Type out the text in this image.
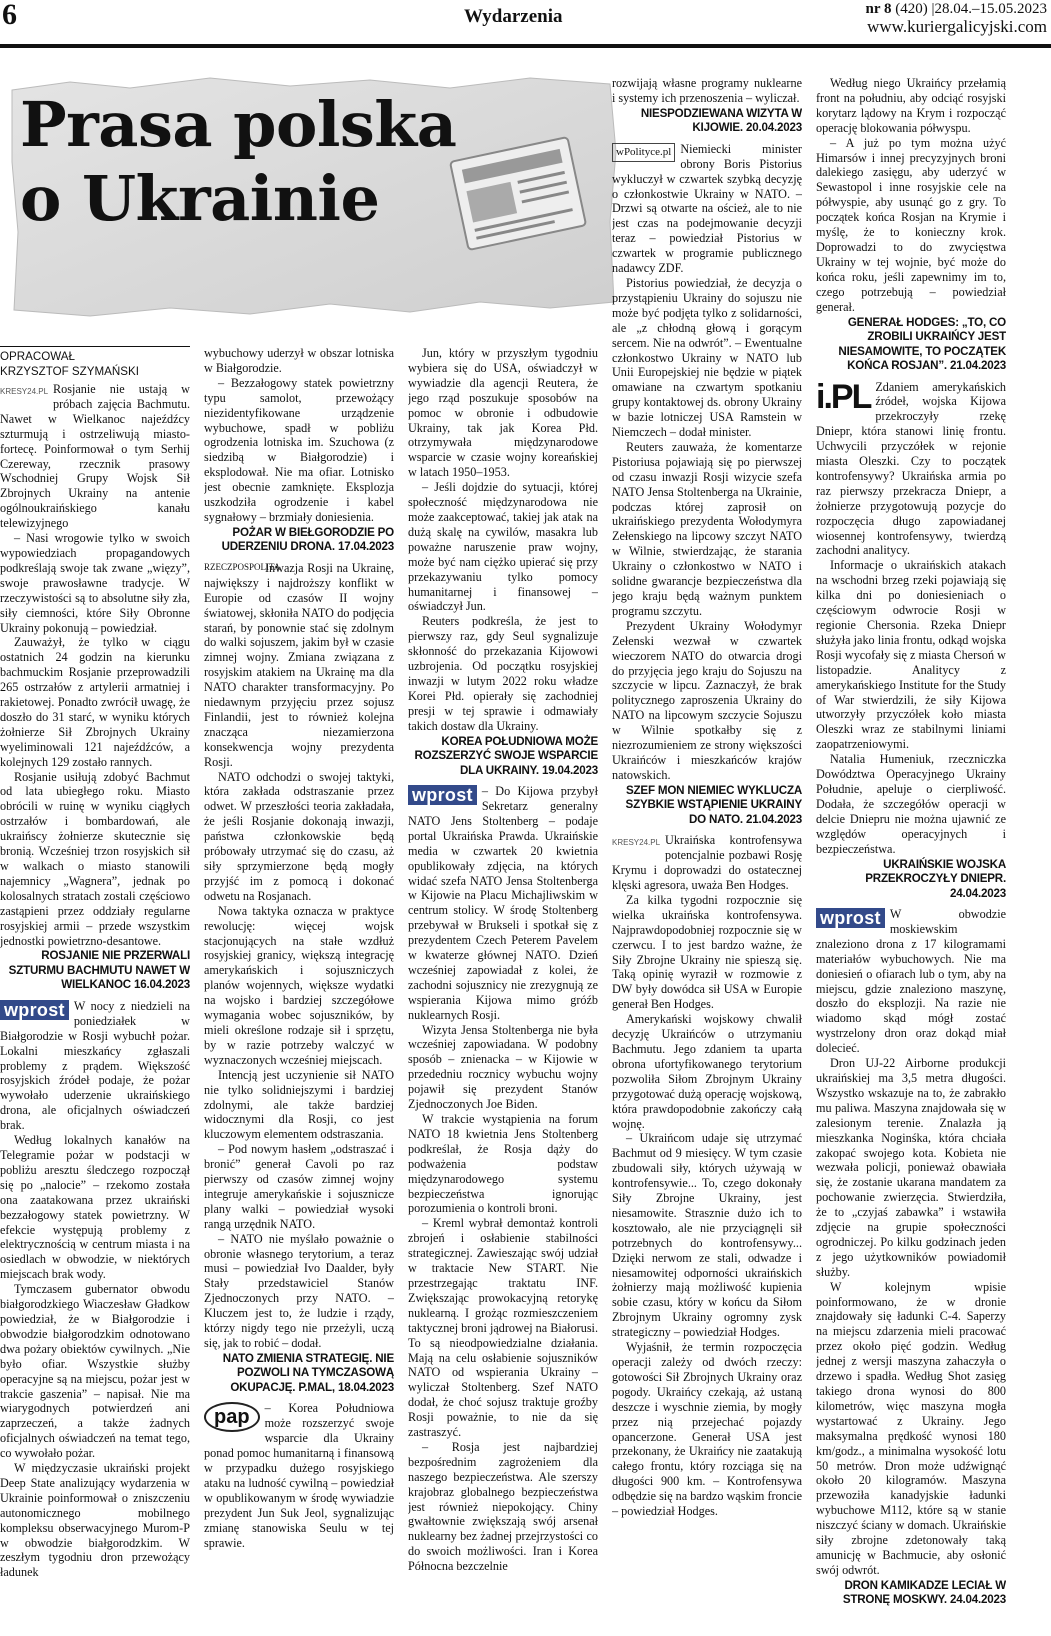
6	Wydarzenia	nr 8 (420) |28.04.–15.05.2023
www.kuriergalicyjski.com
Prasa polska
o Ukrainie
OPRACOWAŁ
KRZYSZTOF SZYMAŃSKI

KRESY24.PL Rosjanie nie ustają w próbach zajęcia Bachmutu. Nawet w Wielkanoc najeźdźcy szturmują i ostrzeliwują miasto-fortecę. Poinformował o tym Serhij Czereway, rzecznik prasowy Wschodniej Grupy Wojsk Sił Zbrojnych Ukrainy na antenie ogólnoukraińskiego kanału telewizyjnego

– Nasi wrogowie tylko w swoich wypowiedziach propagandowych podkreślają swoje tak zwane „więzy”, swoje prawosławne tradycje. W rzeczywistości są to absolutne siły zła, siły ciemności, które Siły Obronne Ukrainy pokonują – powiedział.

Zauważył, że tylko w ciągu ostatnich 24 godzin na kierunku bachmuckim Rosjanie przeprowadzili 265 ostrzałów z artylerii armatniej i rakietowej. Ponadto zwrócił uwagę, że doszło do 31 starć, w wyniku których żołnierze Sił Zbrojnych Ukrainy wyeliminowali 121 najeźdźców, a kolejnych 129 zostało rannych.

Rosjanie usiłują zdobyć Bachmut od lata ubiegłego roku. Miasto obrócili w ruinę w wyniku ciągłych ostrzałów i bombardowań, ale ukraińscy żołnierze skutecznie się bronią. Wcześniej trzon rosyjskich sił w walkach o miasto stanowili najemnicy „Wagnera”, jednak po kolosalnych stratach zostali częściowo zastąpieni przez oddziały regularne rosyjskiej armii – przede wszystkim jednostki powietrzno-desantowe.

ROSJANIE NIE PRZERWALI SZTURMU BACHMUTU NAWET W WIELKANOC 16.04.2023

wprost W nocy z niedzieli na poniedziałek w Białgorodzie w Rosji wybuchł pożar. Lokalni mieszkańcy zgłaszali problemy z prądem. Większość rosyjskich źródeł podaje, że pożar wywołało uderzenie ukraińskiego drona, ale oficjalnych oświadczeń brak.

Według lokalnych kanałów na Telegramie pożar w podstacji w pobliżu aresztu śledczego rozpoczął się po „nalocie” – rzekomo została ona zaatakowana przez ukraiński bezzałogowy statek powietrzny. W efekcie występują problemy z elektrycznością w centrum miasta i na osiedlach w obwodzie, w niektórych miejscach brak wody.

Tymczasem gubernator obwodu białgorodzkiego Wiaczesław Gładkow powiedział, że w Białgorodzie i obwodzie białgorodzkim odnotowano dwa pożary obiektów cywilnych. „Nie było ofiar. Wszystkie służby operacyjne są na miejscu, pożar jest w trakcie gaszenia” – napisał. Nie ma wiarygodnych potwierdzeń ani zaprzeczeń, a także żadnych oficjalnych oświadczeń na temat tego, co wywołało pożar.

W międzyczasie ukraiński projekt Deep State analizujący wydarzenia w Ukrainie poinformował o zniszczeniu autonomicznego mobilnego kompleksu obserwacyjnego Murom-P w obwodzie białgorodzkim. W zeszłym tygodniu dron przewożący ładunek

wybuchowy uderzył w obszar lotniska w Białgorodzie.

– Bezzałogowy statek powietrzny typu samolot, przewożący niezidentyfikowane urządzenie wybuchowe, spadł w pobliżu ogrodzenia lotniska im. Szuchowa (z siedzibą w Białgorodzie) i eksplodował. Nie ma ofiar. Lotnisko jest obecnie zamknięte. Eksplozja uszkodziła ogrodzenie i kabel sygnałowy – brzmiały doniesienia.

POŻAR W BIEŁGORODZIE PO UDERZENIU DRONA. 17.04.2023

RZECZPOSPOLITA
Inwazja Rosji na Ukrainę, największy i najdroższy konflikt w Europie od czasów II wojny światowej, skłoniła NATO do podjęcia starań, by ponownie stać się zdolnym do walki sojuszem, jakim był w czasie zimnej wojny. Zmiana związana z rosyjskim atakiem na Ukrainę ma dla NATO charakter transformacyjny. Po niedawnym przyjęciu przez sojusz Finlandii, jest to również kolejna znacząca niezamierzona konsekwencja wojny prezydenta Rosji.

NATO odchodzi o swojej taktyki, która zakłada odstraszanie przez odwet. W przeszłości teoria zakładała, że jeśli Rosjanie dokonają inwazji, państwa członkowskie będą próbowały utrzymać się do czasu, aż siły sprzymierzone będą mogły przyjść im z pomocą i dokonać odwetu na Rosjanach.

Nowa taktyka oznacza w praktyce rewolucję: więcej wojsk stacjonujących na stałe wzdłuż rosyjskiej granicy, większą integrację amerykańskich i sojuszniczych planów wojennych, większe wydatki na wojsko i bardziej szczegółowe wymagania wobec sojuszników, by mieli określone rodzaje sił i sprzętu, by w razie potrzeby walczyć w wyznaczonych wcześniej miejscach.

Intencją jest uczynienie sił NATO nie tylko solidniejszymi i bardziej zdolnymi, ale także bardziej widocznymi dla Rosji, co jest kluczowym elementem odstraszania.

– Pod nowym hasłem „odstraszać i bronić” generał Cavoli po raz pierwszy od czasów zimnej wojny integruje amerykańskie i sojusznicze plany walki – powiedział wysoki rangą urzędnik NATO.

– NATO nie myślało poważnie o obronie własnego terytorium, a teraz musi – powiedział Ivo Daalder, były Stały przedstawiciel Stanów Zjednoczonych przy NATO. – Kluczem jest to, że ludzie i rządy, którzy nigdy tego nie przeżyli, uczą się, jak to robić – dodał.

NATO ZMIENIA STRATEGIĘ. NIE POZWOLI NA TYMCZASOWĄ OKUPACJĘ. P.MAL, 18.04.2023

pap	– Korea Południowa może rozszerzyć swoje wsparcie dla Ukrainy ponad pomoc humanitarną i finansową w przypadku dużego rosyjskiego ataku na ludność cywilną – powiedział w opublikowanym w środę wywiadzie prezydent Jun Suk Jeol, sygnalizując zmianę stanowiska Seulu w tej sprawie.

Jun, który w przyszłym tygodniu wybiera się do USA, oświadczył w wywiadzie dla agencji Reutera, że jego rząd poszukuje sposobów na pomoc w obronie i odbudowie Ukrainy, tak jak Korea Płd. otrzymywała międzynarodowe wsparcie w czasie wojny koreańskiej w latach 1950–1953.

– Jeśli dojdzie do sytuacji, której społeczność międzynarodowa nie może zaakceptować, takiej jak atak na dużą skalę na cywilów, masakra lub poważne naruszenie praw wojny, może być nam ciężko upierać się przy przekazywaniu tylko pomocy humanitarnej i finansowej – oświadczył Jun.

Reuters podkreśla, że jest to pierwszy raz, gdy Seul sygnalizuje skłonność do przekazania Kijowowi uzbrojenia. Od początku rosyjskiej inwazji w lutym 2022 roku władze Korei Płd. opierały się zachodniej presji w tej sprawie i odmawiały takich dostaw dla Ukrainy.

KOREA POŁUDNIOWA MOŻE ROZSZERZYĆ SWOJE WSPARCIE DLA UKRAINY. 19.04.2023

wprost – Do Kijowa przybył Sekretarz generalny NATO Jens Stoltenberg – podaje portal Ukraińska Prawda. Ukraińskie media w czwartek 20 kwietnia opublikowały zdjęcia, na których widać szefa NATO Jensa Stoltenberga w Kijowie na Placu Michajliwskim w centrum stolicy. W środę Stoltenberg przebywał w Brukseli i spotkał się z prezydentem Czech Peterem Pavelem w kwaterze głównej NATO. Dzień wcześniej zapowiadał z kolei, że zachodni sojusznicy nie zrezygnują ze wspierania Kijowa mimo gróźb nuklearnych Rosji.

Wizyta Jensa Stoltenberga nie była wcześniej zapowiadana. W podobny sposób – znienacka – w Kijowie w przededniu rocznicy wybuchu wojny pojawił się prezydent Stanów Zjednoczonych Joe Biden.

W trakcie wystąpienia na forum NATO 18 kwietnia Jens Stoltenberg podkreślał, że Rosja dąży do podważenia podstaw międzynarodowego systemu bezpieczeństwa ignorując porozumienia o kontroli broni.

– Kreml wybrał demontaż kontroli zbrojeń i osłabienie stabilności strategicznej. Zawieszając swój udział w traktacie New START. Nie przestrzegając traktatu INF. Zwiększając prowokacyjną retorykę nuklearną. I grożąc rozmieszczeniem taktycznej broni jądrowej na Białorusi. To są nieodpowiedzialne działania. Mają na celu osłabienie sojuszników NATO od wspierania Ukrainy – wyliczał Stoltenberg. Szef NATO dodał, że choć sojusz traktuje groźby Rosji poważnie, to nie da się zastraszyć.

– Rosja jest najbardziej bezpośrednim zagrożeniem dla naszego bezpieczeństwa. Ale szerszy krajobraz globalnego bezpieczeństwa jest również niepokojący. Chiny gwałtownie zwiększają swój arsenał nuklearny bez żadnej przejrzystości co do swoich możliwości. Iran i Korea Północna bezczelnie

rozwijają własne programy nuklearne i systemy ich przenoszenia – wyliczał.

NIESPODZIEWANA WIZYTA W KIJOWIE. 20.04.2023

wPolityce.pl Niemiecki minister obrony Boris Pistorius wykluczył w czwartek szybką decyzję o członkostwie Ukrainy w NATO. – Drzwi są otwarte na oścież, ale to nie jest czas na podejmowanie decyzji teraz – powiedział Pistorius w czwartek w programie publicznego nadawcy ZDF.

Pistorius powiedział, że decyzja o przystąpieniu Ukrainy do sojuszu nie może być podjęta tylko z solidarności, ale „z chłodną głową i gorącym sercem. Nie na odwrót”. – Ewentualne członkostwo Ukrainy w NATO lub Unii Europejskiej nie będzie w piątek omawiane na czwartym spotkaniu grupy kontaktowej ds. obrony Ukrainy w bazie lotniczej USA Ramstein w Niemczech – dodał minister.

Reuters zauważa, że komentarze Pistoriusa pojawiają się po pierwszej od czasu inwazji Rosji wizycie szefa NATO Jensa Stoltenberga na Ukrainie, podczas której zaprosił on ukraińskiego prezydenta Wołodymyra Zełenskiego na lipcowy szczyt NATO w Wilnie, stwierdzając, że starania Ukrainy o członkostwo w NATO i solidne gwarancje bezpieczeństwa dla jego kraju będą ważnym punktem programu szczytu.

Prezydent Ukrainy Wołodymyr Zełenski wezwał w czwartek wieczorem NATO do otwarcia drogi do przyjęcia jego kraju do Sojuszu na szczycie w lipcu. Zaznaczył, że brak politycznego zaproszenia Ukrainy do NATO na lipcowym szczycie Sojuszu w Wilnie spotkałby się z niezrozumieniem ze strony większości Ukraińców i mieszkańców krajów natowskich.

SZEF MON NIEMIEC WYKLUCZA SZYBKIE WSTĄPIENIE UKRAINY DO NATO. 21.04.2023

KRESY24.PL Ukraińska kontrofensywa potencjalnie pozbawi Rosję Krymu i doprowadzi do ostatecznej klęski agresora, uważa Ben Hodges.

Za kilka tygodni rozpocznie się wielka ukraińska kontrofensywa. Najprawdopodobniej rozpocznie się w czerwcu. I to jest bardzo ważne, że Siły Zbrojne Ukrainy nie spieszą się. Taką opinię wyraził w rozmowie z DW były dowódca sił USA w Europie generał Ben Hodges.

Amerykański wojskowy chwalił decyzję Ukraińców o utrzymaniu Bachmutu. Jego zdaniem ta uparta obrona ufortyfikowanego terytorium pozwoliła Siłom Zbrojnym Ukrainy przygotować dużą operację wojskową, która prawdopodobnie zakończy całą wojnę.

– Ukraińcom udaje się utrzymać Bachmut od 9 miesięcy. W tym czasie zbudowali siły, których używają w kontrofensywie... To, czego dokonały Siły Zbrojne Ukrainy, jest niesamowite. Strasznie dużo ich to kosztowało, ale nie przyciągnęli sił potrzebnych do kontrofensywy... Dzięki nerwom ze stali, odwadze i niesamowitej odporności ukraińskich żołnierzy mają możliwość kupienia sobie czasu, który w końcu da Siłom Zbrojnym Ukrainy ogromny zysk strategiczny – powiedział Hodges.

Wyjaśnił, że termin rozpoczęcia operacji zależy od dwóch rzeczy: gotowości Sił Zbrojnych Ukrainy oraz pogody. Ukraińcy czekają, aż ustaną deszcze i wyschnie ziemia, by mogły przez nią przejechać pojazdy opancerzone. Generał USA jest przekonany, że Ukraińcy nie zaatakują całego frontu, który rozciąga się na długości 900 km. – Kontrofensywa odbędzie się na bardzo wąskim froncie – powiedział Hodges.

Według niego Ukraińcy przełamią front na południu, aby odciąć rosyjski korytarz lądowy na Krym i rozpocząć operację blokowania półwyspu.

– A już po tym można użyć Himarsów i innej precyzyjnych broni dalekiego zasięgu, aby uderzyć w Sewastopol i inne rosyjskie cele na półwyspie, aby usunąć go z gry. To początek końca Rosjan na Krymie i myślę, że to konieczny krok. Doprowadzi to do zwycięstwa Ukrainy w tej wojnie, być może do końca roku, jeśli zapewnimy im to, czego potrzebują – powiedział generał.

GENERAŁ HODGES: „TO, CO ZROBILI UKRAIŃCY JEST NIESAMOWITE, TO POCZĄTEK KOŃCA ROSJAN”. 21.04.2023

i.PL Zdaniem amerykańskich źródeł, wojska Kijowa przekroczyły rzekę Dniepr, która stanowi linię frontu. Uchwycili przyczółek w rejonie miasta Oleszki. Czy to początek kontrofensywy? Ukraińska armia po raz pierwszy przekracza Dniepr, a żołnierze przygotowują pozycje do rozpoczęcia długo zapowiadanej wiosennej kontrofensywy, twierdzą zachodni analitycy.

Informacje o ukraińskich atakach na wschodni brzeg rzeki pojawiają się kilka dni po doniesieniach o częściowym odwrocie Rosji w regionie Chersonia. Rzeka Dniepr służyła jako linia frontu, odkąd wojska Rosji wycofały się z miasta Chersoń w listopadzie. Analitycy z amerykańskiego Institute for the Study of War stwierdzili, że siły Kijowa utworzyły przyczółek koło miasta Oleszki wraz ze stabilnymi liniami zaopatrzeniowymi.

Natalia Humeniuk, rzeczniczka Dowództwa Operacyjnego Ukrainy Południe, apeluje o cierpliwość. Dodała, że szczegółów operacji w delcie Dniepru nie można ujawnić ze względów operacyjnych i bezpieczeństwa.

UKRAIŃSKIE WOJSKA PRZEKROCZYŁY DNIEPR. 24.04.2023

wprost W obwodzie moskiewskim znaleziono drona z 17 kilogramami materiałów wybuchowych. Nie ma doniesień o ofiarach lub o tym, aby na miejscu, gdzie znaleziono maszynę, doszło do eksplozji. Na razie nie wiadomo skąd mógł zostać wystrzelony dron oraz dokąd miał dolecieć.

Dron UJ-22 Airborne produkcji ukraińskiej ma 3,5 metra długości. Wszystko wskazuje na to, że zabrakło mu paliwa. Maszyna znajdowała się w zalesionym terenie. Znalazła ją mieszkanka Noginśka, która chciała zakopać swojego kota. Kobieta nie wezwała policji, ponieważ obawiała się, że zostanie ukarana mandatem za pochowanie zwierzęcia. Stwierdziła, że to „czyjaś zabawka” i wstawiła zdjęcie na grupie społeczności ogrodniczej. Po kilku godzinach jeden z jego użytkowników powiadomił służby.

W kolejnym wpisie poinformowano, że w dronie znajdowały się ładunki C-4. Saperzy na miejscu zdarzenia mieli pracować przez około pięć godzin. Według jednej z wersji maszyna zahaczyła o drzewo i spadła. Według Shot zasięg takiego drona wynosi do 800 kilometrów, więc maszyna mogła wystartować z Ukrainy. Jego maksymalna prędkość wynosi 180 km/godz., a minimalna wysokość lotu 50 metrów. Dron może udźwignąć około 20 kilogramów. Maszyna przewoziła kanadyjskie ładunki wybuchowe M112, które są w stanie niszczyć ściany w domach. Ukraińskie siły zbrojne zdetonowały taką amunicję w Bachmucie, aby osłonić swój odwrót.

DRON KAMIKADZE LECIAŁ W STRONĘ MOSKWY. 24.04.2023
